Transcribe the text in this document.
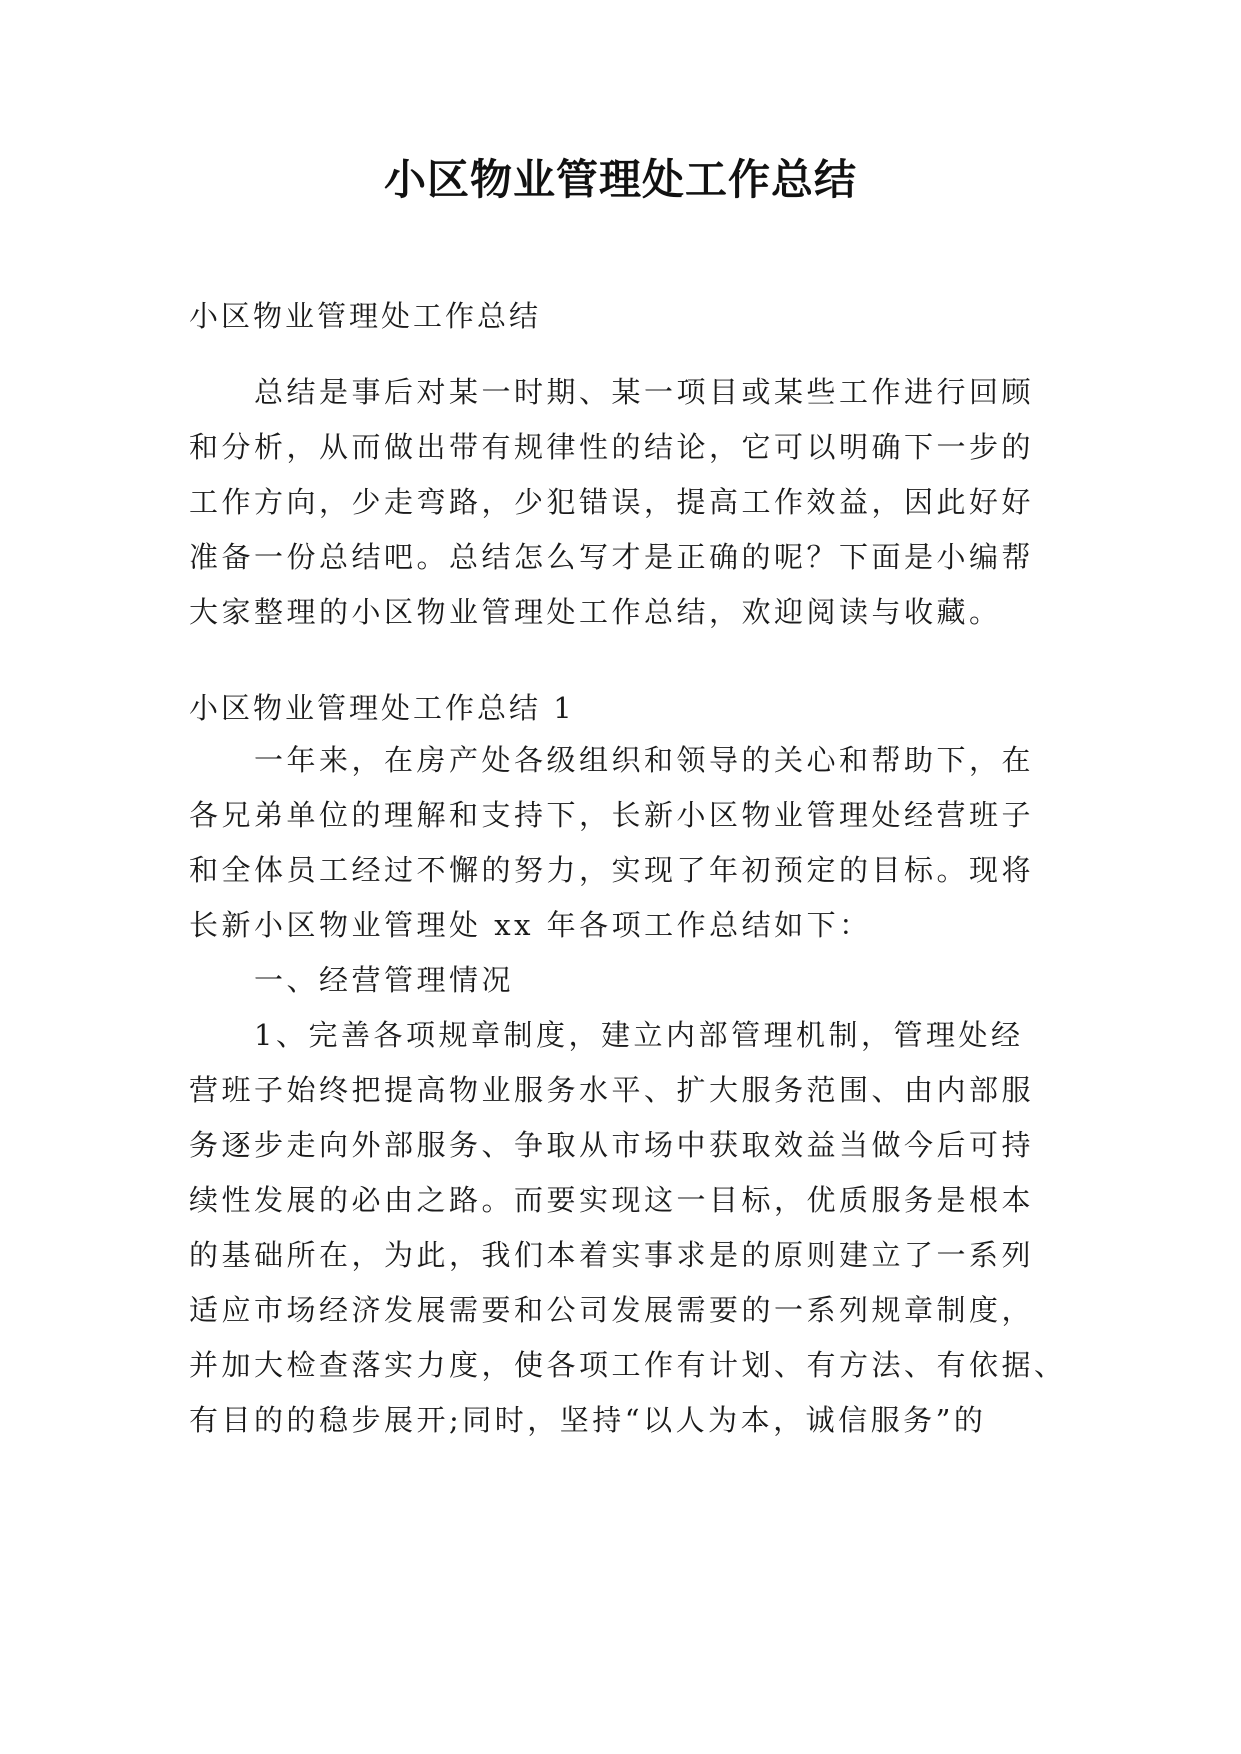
小区物业管理处工作总结
小区物业管理处工作总结
总结是事后对某一时期、某一项目或某些工作进行回顾
和分析，从而做出带有规律性的结论，它可以明确下一步的
工作方向，少走弯路，少犯错误，提高工作效益，因此好好
准备一份总结吧。总结怎么写才是正确的呢？下面是小编帮
大家整理的小区物业管理处工作总结，欢迎阅读与收藏。
小区物业管理处工作总结 1
一年来，在房产处各级组织和领导的关心和帮助下，在
各兄弟单位的理解和支持下，长新小区物业管理处经营班子
和全体员工经过不懈的努力，实现了年初预定的目标。现将
长新小区物业管理处 xx 年各项工作总结如下：
一、经营管理情况
1、完善各项规章制度，建立内部管理机制，管理处经
营班子始终把提高物业服务水平、扩大服务范围、由内部服
务逐步走向外部服务、争取从市场中获取效益当做今后可持
续性发展的必由之路。而要实现这一目标，优质服务是根本
的基础所在，为此，我们本着实事求是的原则建立了一系列
适应市场经济发展需要和公司发展需要的一系列规章制度，
并加大检查落实力度，使各项工作有计划、有方法、有依据、
有目的的稳步展开;同时，坚持“以人为本，诚信服务”的
